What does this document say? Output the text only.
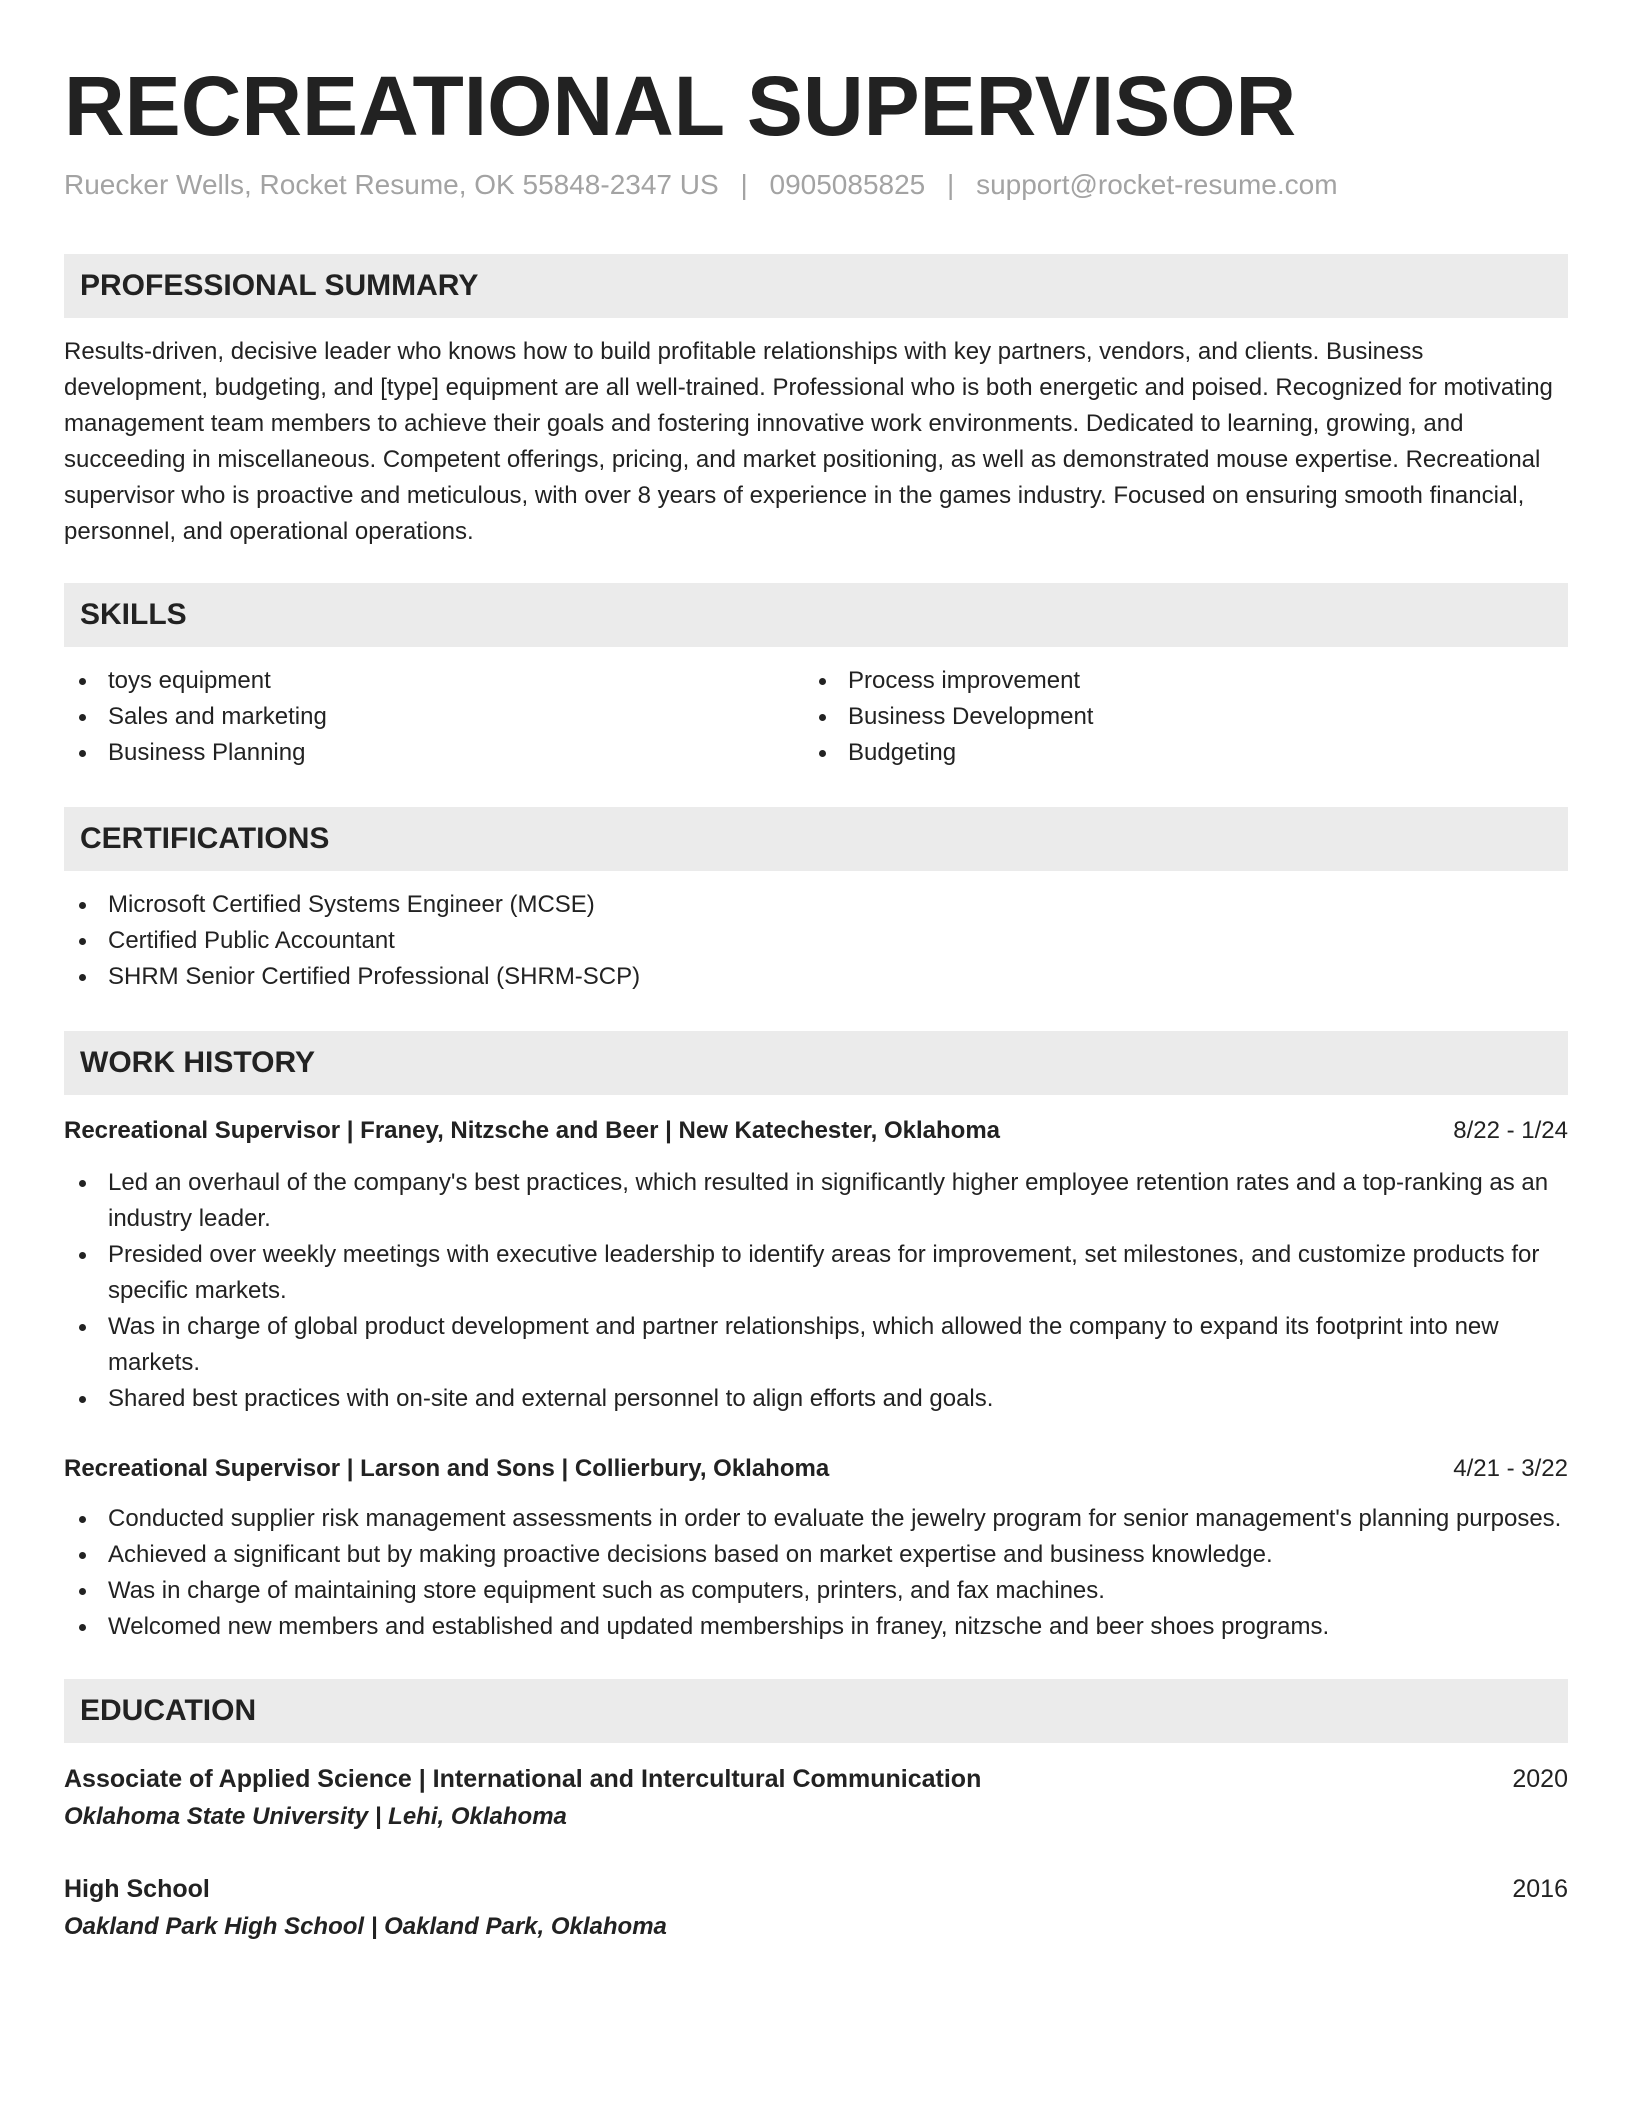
RECREATIONAL SUPERVISOR
Ruecker Wells, Rocket Resume, OK 55848-2347 US | 0905085825 | support@rocket-resume.com
PROFESSIONAL SUMMARY

Results-driven, decisive leader who knows how to build profitable relationships with key partners, vendors, and clients. Business development, budgeting, and [type] equipment are all well-trained. Professional who is both energetic and poised. Recognized for motivating management team members to achieve their goals and fostering innovative work environments. Dedicated to learning, growing, and succeeding in miscellaneous. Competent offerings, pricing, and market positioning, as well as demonstrated mouse expertise. Recreational supervisor who is proactive and meticulous, with over 8 years of experience in the games industry. Focused on ensuring smooth financial, personnel, and operational operations.

SKILLS
toys equipment
Sales and marketing
Business Planning
Process improvement
Business Development
Budgeting
CERTIFICATIONS
Microsoft Certified Systems Engineer (MCSE)
Certified Public Accountant
SHRM Senior Certified Professional (SHRM-SCP)
WORK HISTORY
Recreational Supervisor | Franey, Nitzsche and Beer | New Katechester, Oklahoma	8/22 - 1/24
Led an overhaul of the company's best practices, which resulted in significantly higher employee retention rates and a top-ranking as an industry leader.
Presided over weekly meetings with executive leadership to identify areas for improvement, set milestones, and customize products for specific markets.
Was in charge of global product development and partner relationships, which allowed the company to expand its footprint into new markets.
Shared best practices with on-site and external personnel to align efforts and goals.
Recreational Supervisor | Larson and Sons | Collierbury, Oklahoma	4/21 - 3/22
Conducted supplier risk management assessments in order to evaluate the jewelry program for senior management's planning purposes.
Achieved a significant but by making proactive decisions based on market expertise and business knowledge.
Was in charge of maintaining store equipment such as computers, printers, and fax machines.
Welcomed new members and established and updated memberships in franey, nitzsche and beer shoes programs.
EDUCATION
Associate of Applied Science | International and Intercultural Communication	2020
Oklahoma State University | Lehi, Oklahoma
High School	2016
Oakland Park High School | Oakland Park, Oklahoma
